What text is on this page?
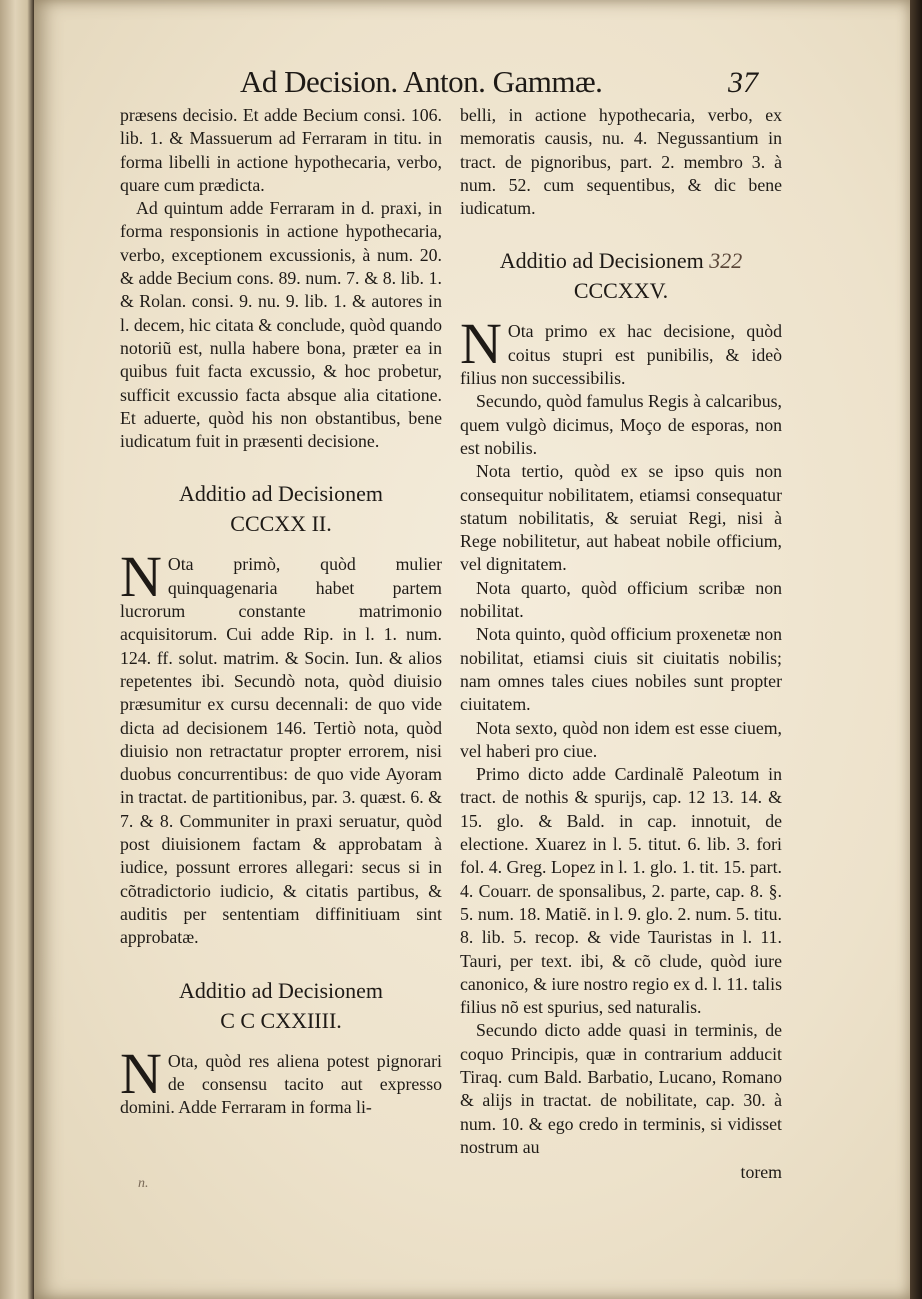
Ad Decision. Anton. Gammæ.	37

præsens decisio. Et adde Becium consi. 106. lib. 1. & Massuerum ad Ferraram in titu. in forma libelli in actione hypothecaria, verbo, quare cum prædicta.

Ad quintum adde Ferraram in d. praxi, in forma responsionis in actione hypothecaria, verbo, exceptionem excussionis, à num. 20. & adde Becium cons. 89. num. 7. & 8. lib. 1. & Rolan. consi. 9. nu. 9. lib. 1. & autores in l. decem, hic citata & conclude, quòd quando notoriũ est, nulla habere bona, præter ea in quibus fuit facta excussio, & hoc probetur, sufficit excussio facta absque alia citatione. Et aduerte, quòd his non obstantibus, bene iudicatum fuit in præsenti decisione.

Additio ad Decisionem
CCCXX II.

N Ota primò, quòd mulier quinquagenaria habet partem lucrorum constante matrimonio acquisitorum. Cui adde Rip. in l. 1. num. 124. ff. solut. matrim. & Socin. Iun. & alios repetentes ibi. Secundò nota, quòd diuisio præsumitur ex cursu decennali: de quo vide dicta ad decisionem 146. Tertiò nota, quòd diuisio non retractatur propter errorem, nisi duobus concurrentibus: de quo vide Ayoram in tractat. de partitionibus, par. 3. quæst. 6. & 7. & 8. Communiter in praxi seruatur, quòd post diuisionem factam & approbatam à iudice, possunt errores allegari: secus si in cõtradictorio iudicio, & citatis partibus, & auditis per sententiam diffinitiuam sint approbatæ.

Additio ad Decisionem
C C CXXIIII.

N Ota, quòd res aliena potest pignorari de consensu tacito aut expresso domini. Adde Ferraram in forma li-

belli, in actione hypothecaria, verbo, ex memoratis causis, nu. 4. Negussantium in tract. de pignoribus, part. 2. membro 3. à num. 52. cum sequentibus, & dic bene iudicatum.

Additio ad Decisionem 322
CCCXXV.

N Ota primo ex hac decisione, quòd coitus stupri est punibilis, & ideò filius non successibilis.

Secundo, quòd famulus Regis à calcaribus, quem vulgò dicimus, Moço de esporas, non est nobilis.

Nota tertio, quòd ex se ipso quis non consequitur nobilitatem, etiamsi consequatur statum nobilitatis, & seruiat Regi, nisi à Rege nobilitetur, aut habeat nobile officium, vel dignitatem.

Nota quarto, quòd officium scribæ non nobilitat.

Nota quinto, quòd officium proxenetæ non nobilitat, etiamsi ciuis sit ciuitatis nobilis; nam omnes tales ciues nobiles sunt propter ciuitatem.

Nota sexto, quòd non idem est esse ciuem, vel haberi pro ciue.

Primo dicto adde Cardinalẽ Paleotum in tract. de nothis & spurijs, cap. 12 13. 14. & 15. glo. & Bald. in cap. innotuit, de electione. Xuarez in l. 5. titut. 6. lib. 3. fori fol. 4. Greg. Lopez in l. 1. glo. 1. tit. 15. part. 4. Couarr. de sponsalibus, 2. parte, cap. 8. §. 5. num. 18. Matiẽ. in l. 9. glo. 2. num. 5. titu. 8. lib. 5. recop. & vide Tauristas in l. 11. Tauri, per text. ibi, & cõ clude, quòd iure canonico, & iure nostro regio ex d. l. 11. talis filius nõ est spurius, sed naturalis.

Secundo dicto adde quasi in terminis, de coquo Principis, quæ in contrarium adducit Tiraq. cum Bald. Barbatio, Lucano, Romano & alijs in tractat. de nobilitate, cap. 30. à num. 10. & ego credo in terminis, si vidisset nostrum au

torem
n.
